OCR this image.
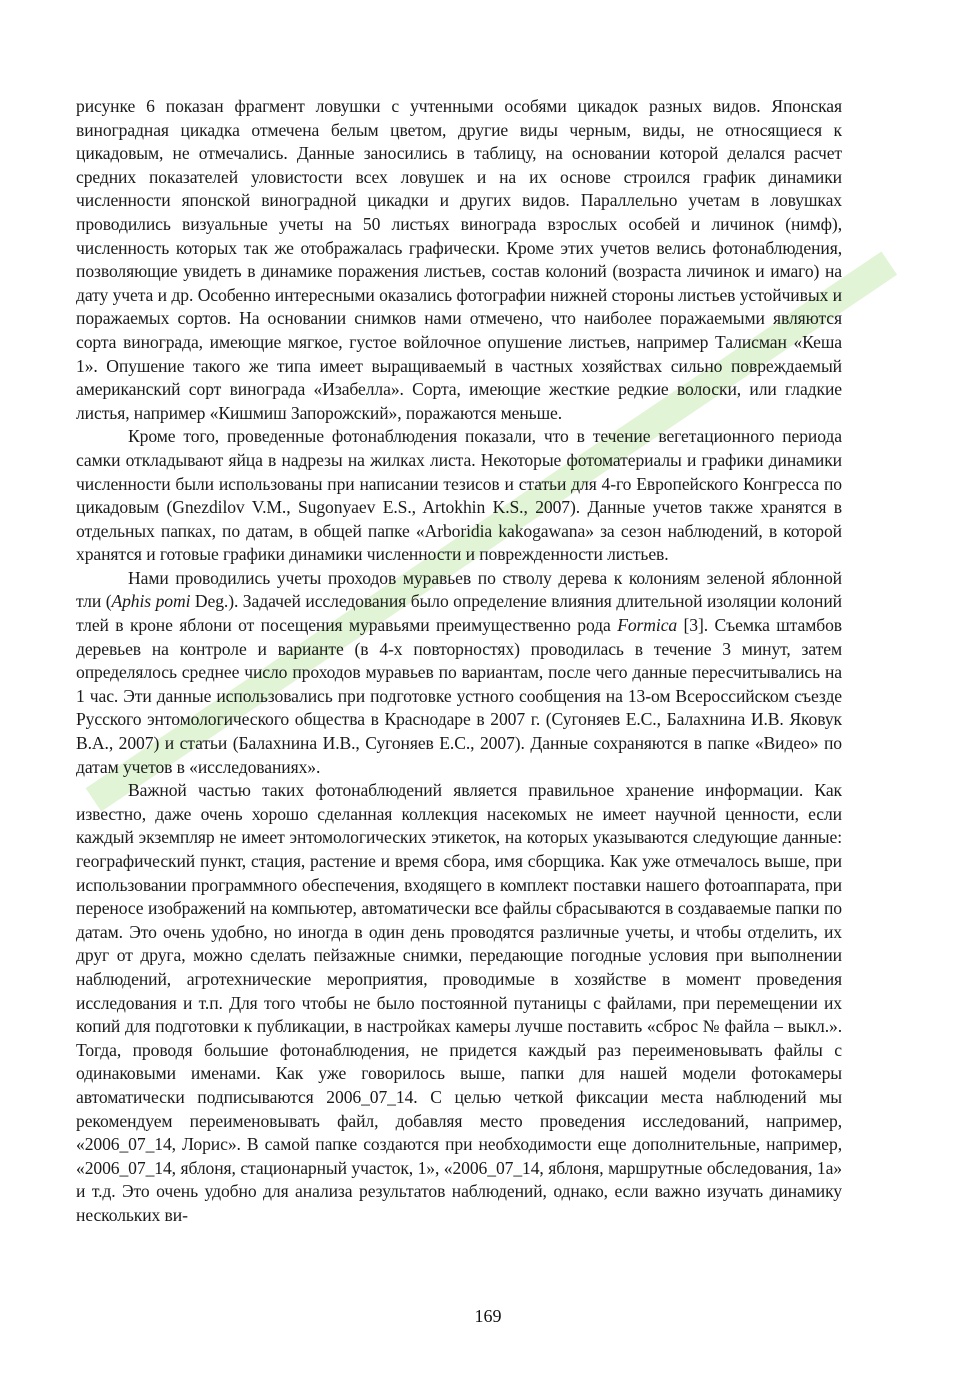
рисунке 6 показан фрагмент ловушки с учтенными особями цикадок разных видов. Японская виноградная цикадка отмечена белым цветом, другие виды черным, виды, не относящиеся к цикадовым, не отмечались. Данные заносились в таблицу, на основании которой делался расчет средних показателей уловистости всех ловушек и на их основе строился график динамики численности японской виноградной цикадки и других видов. Параллельно учетам в ловушках проводились визуальные учеты на 50 листьях винограда взрослых особей и личинок (нимф), численность которых так же отображалась графически. Кроме этих учетов велись фотонаблюдения, позволяющие увидеть в динамике поражения листьев, состав колоний (возраста личинок и имаго) на дату учета и др. Особенно интересными оказались фотографии нижней стороны листьев устойчивых и поражаемых сортов. На основании снимков нами отмечено, что наиболее поражаемыми являются сорта винограда, имеющие мягкое, густое войлочное опушение листьев, например Талисман «Кеша 1». Опушение такого же типа имеет выращиваемый в частных хозяйствах сильно повреждаемый американский сорт винограда «Изабелла». Сорта, имеющие жесткие редкие волоски, или гладкие листья, например «Кишмиш Запорожский», поражаются меньше.

Кроме того, проведенные фотонаблюдения показали, что в течение вегетационного периода самки откладывают яйца в надрезы на жилках листа. Некоторые фотоматериалы и графики динамики численности были использованы при написании тезисов и статьи для 4-го Европейского Конгресса по цикадовым (Gnezdilov V.M., Sugonyaev E.S., Artokhin K.S., 2007). Данные учетов также хранятся в отдельных папках, по датам, в общей папке «Arboridia kakogawana» за сезон наблюдений, в которой хранятся и готовые графики динамики численности и поврежденности листьев.

Нами проводились учеты проходов муравьев по стволу дерева к колониям зеленой яблонной тли (Aphis pomi Deg.). Задачей исследования было определение влияния длительной изоляции колоний тлей в кроне яблони от посещения муравьями преимущественно рода Formica [3]. Съемка штамбов деревьев на контроле и варианте (в 4-х повторностях) проводилась в течение 3 минут, затем определялось среднее число проходов муравьев по вариантам, после чего данные пересчитывались на 1 час. Эти данные использовались при подготовке устного сообщения на 13-ом Всероссийском съезде Русского энтомологического общества в Краснодаре в 2007 г. (Сугоняев Е.С., Балахнина И.В. Яковук В.А., 2007) и статьи (Балахнина И.В., Сугоняев Е.С., 2007). Данные сохраняются в папке «Видео» по датам учетов в «исследованиях».

Важной частью таких фотонаблюдений является правильное хранение информации. Как известно, даже очень хорошо сделанная коллекция насекомых не имеет научной ценности, если каждый экземпляр не имеет энтомологических этикеток, на которых указываются следующие данные: географический пункт, стация, растение и время сбора, имя сборщика. Как уже отмечалось выше, при использовании программного обеспечения, входящего в комплект поставки нашего фотоаппарата, при переносе изображений на компьютер, автоматически все файлы сбрасываются в создаваемые папки по датам. Это очень удобно, но иногда в один день проводятся различные учеты, и чтобы отделить, их друг от друга, можно сделать пейзажные снимки, передающие погодные условия при выполнении наблюдений, агротехнические мероприятия, проводимые в хозяйстве в момент проведения исследования и т.п. Для того чтобы не было постоянной путаницы с файлами, при перемещении их копий для подготовки к публикации, в настройках камеры лучше поставить «сброс № файла – выкл.». Тогда, проводя большие фотонаблюдения, не придется каждый раз переименовывать файлы с одинаковыми именами. Как уже говорилось выше, папки для нашей модели фотокамеры автоматически подписываются 2006_07_14. С целью четкой фиксации места наблюдений мы рекомендуем переименовывать файл, добавляя место проведения исследований, например, «2006_07_14, Лорис». В самой папке создаются при необходимости еще дополнительные, например, «2006_07_14, яблоня, стационарный участок, 1», «2006_07_14, яблоня, маршрутные обследования, 1а» и т.д. Это очень удобно для анализа результатов наблюдений, однако, если важно изучать динамику нескольких ви-

169
